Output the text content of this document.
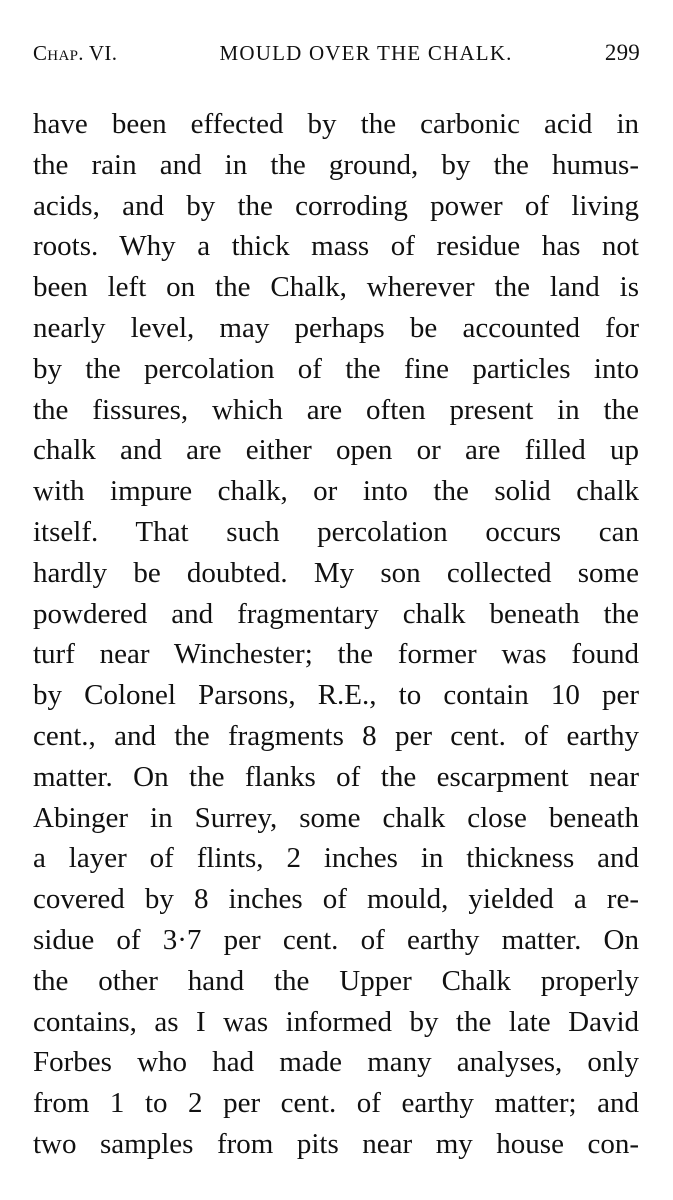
Chap. VI.	MOULD OVER THE CHALK.	299
have been effected by the carbonic acid in
the rain and in the ground, by the humus-
acids, and by the corroding power of living
roots. Why a thick mass of residue has not
been left on the Chalk, wherever the land is
nearly level, may perhaps be accounted for
by the percolation of the fine particles into
the fissures, which are often present in the
chalk and are either open or are filled up
with impure chalk, or into the solid chalk
itself. That such percolation occurs can
hardly be doubted. My son collected some
powdered and fragmentary chalk beneath the
turf near Winchester; the former was found
by Colonel Parsons, R.E., to contain 10 per
cent., and the fragments 8 per cent. of earthy
matter. On the flanks of the escarpment near
Abinger in Surrey, some chalk close beneath
a layer of flints, 2 inches in thickness and
covered by 8 inches of mould, yielded a re-
sidue of 3·7 per cent. of earthy matter. On
the other hand the Upper Chalk properly
contains, as I was informed by the late David
Forbes who had made many analyses, only
from 1 to 2 per cent. of earthy matter; and
two samples from pits near my house con-
